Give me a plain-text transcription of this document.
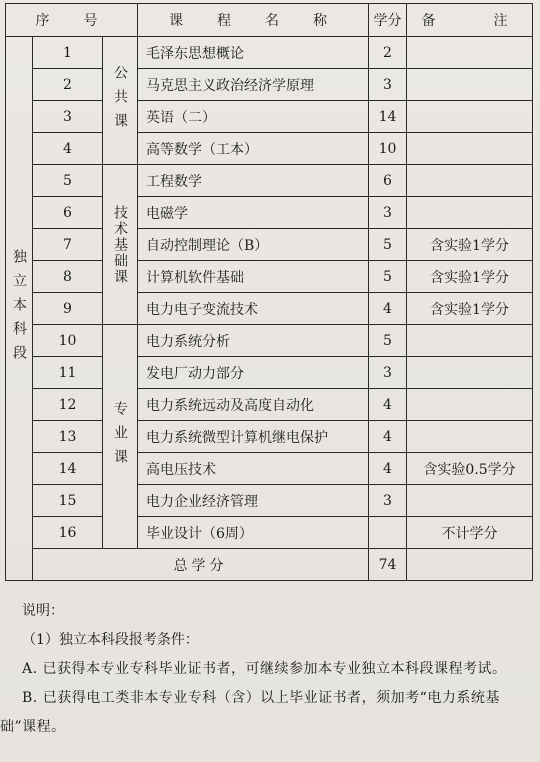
序　号			课　程　名　称	学分	备　　注
独立本科段	1	公共课	毛泽东思想概论	2	
	2		马克思主义政治经济学原理	3	
	3		英语（二）	14	
	4		高等数学（工本）	10	
	5	技术基础课	工程数学	6	
	6		电磁学	3	
	7		自动控制理论（B）	5	含实验1学分
	8		计算机软件基础	5	含实验1学分
	9		电力电子变流技术	4	含实验1学分
	10	专业课	电力系统分析	5	
	11		发电厂动力部分	3	
	12		电力系统远动及高度自动化	4	
	13		电力系统微型计算机继电保护	4	
	14		高电压技术	4	含实验0.5学分
	15		电力企业经济管理	3	
	16		毕业设计（6周）		不计学分
	总学分			74	

说明：

（1）独立本科段报考条件：

A. 已获得本专业专科毕业证书者，可继续参加本专业独立本科段课程考试。

B. 已获得电工类非本专业专科（含）以上毕业证书者，须加考“电力系统基础”课程。
